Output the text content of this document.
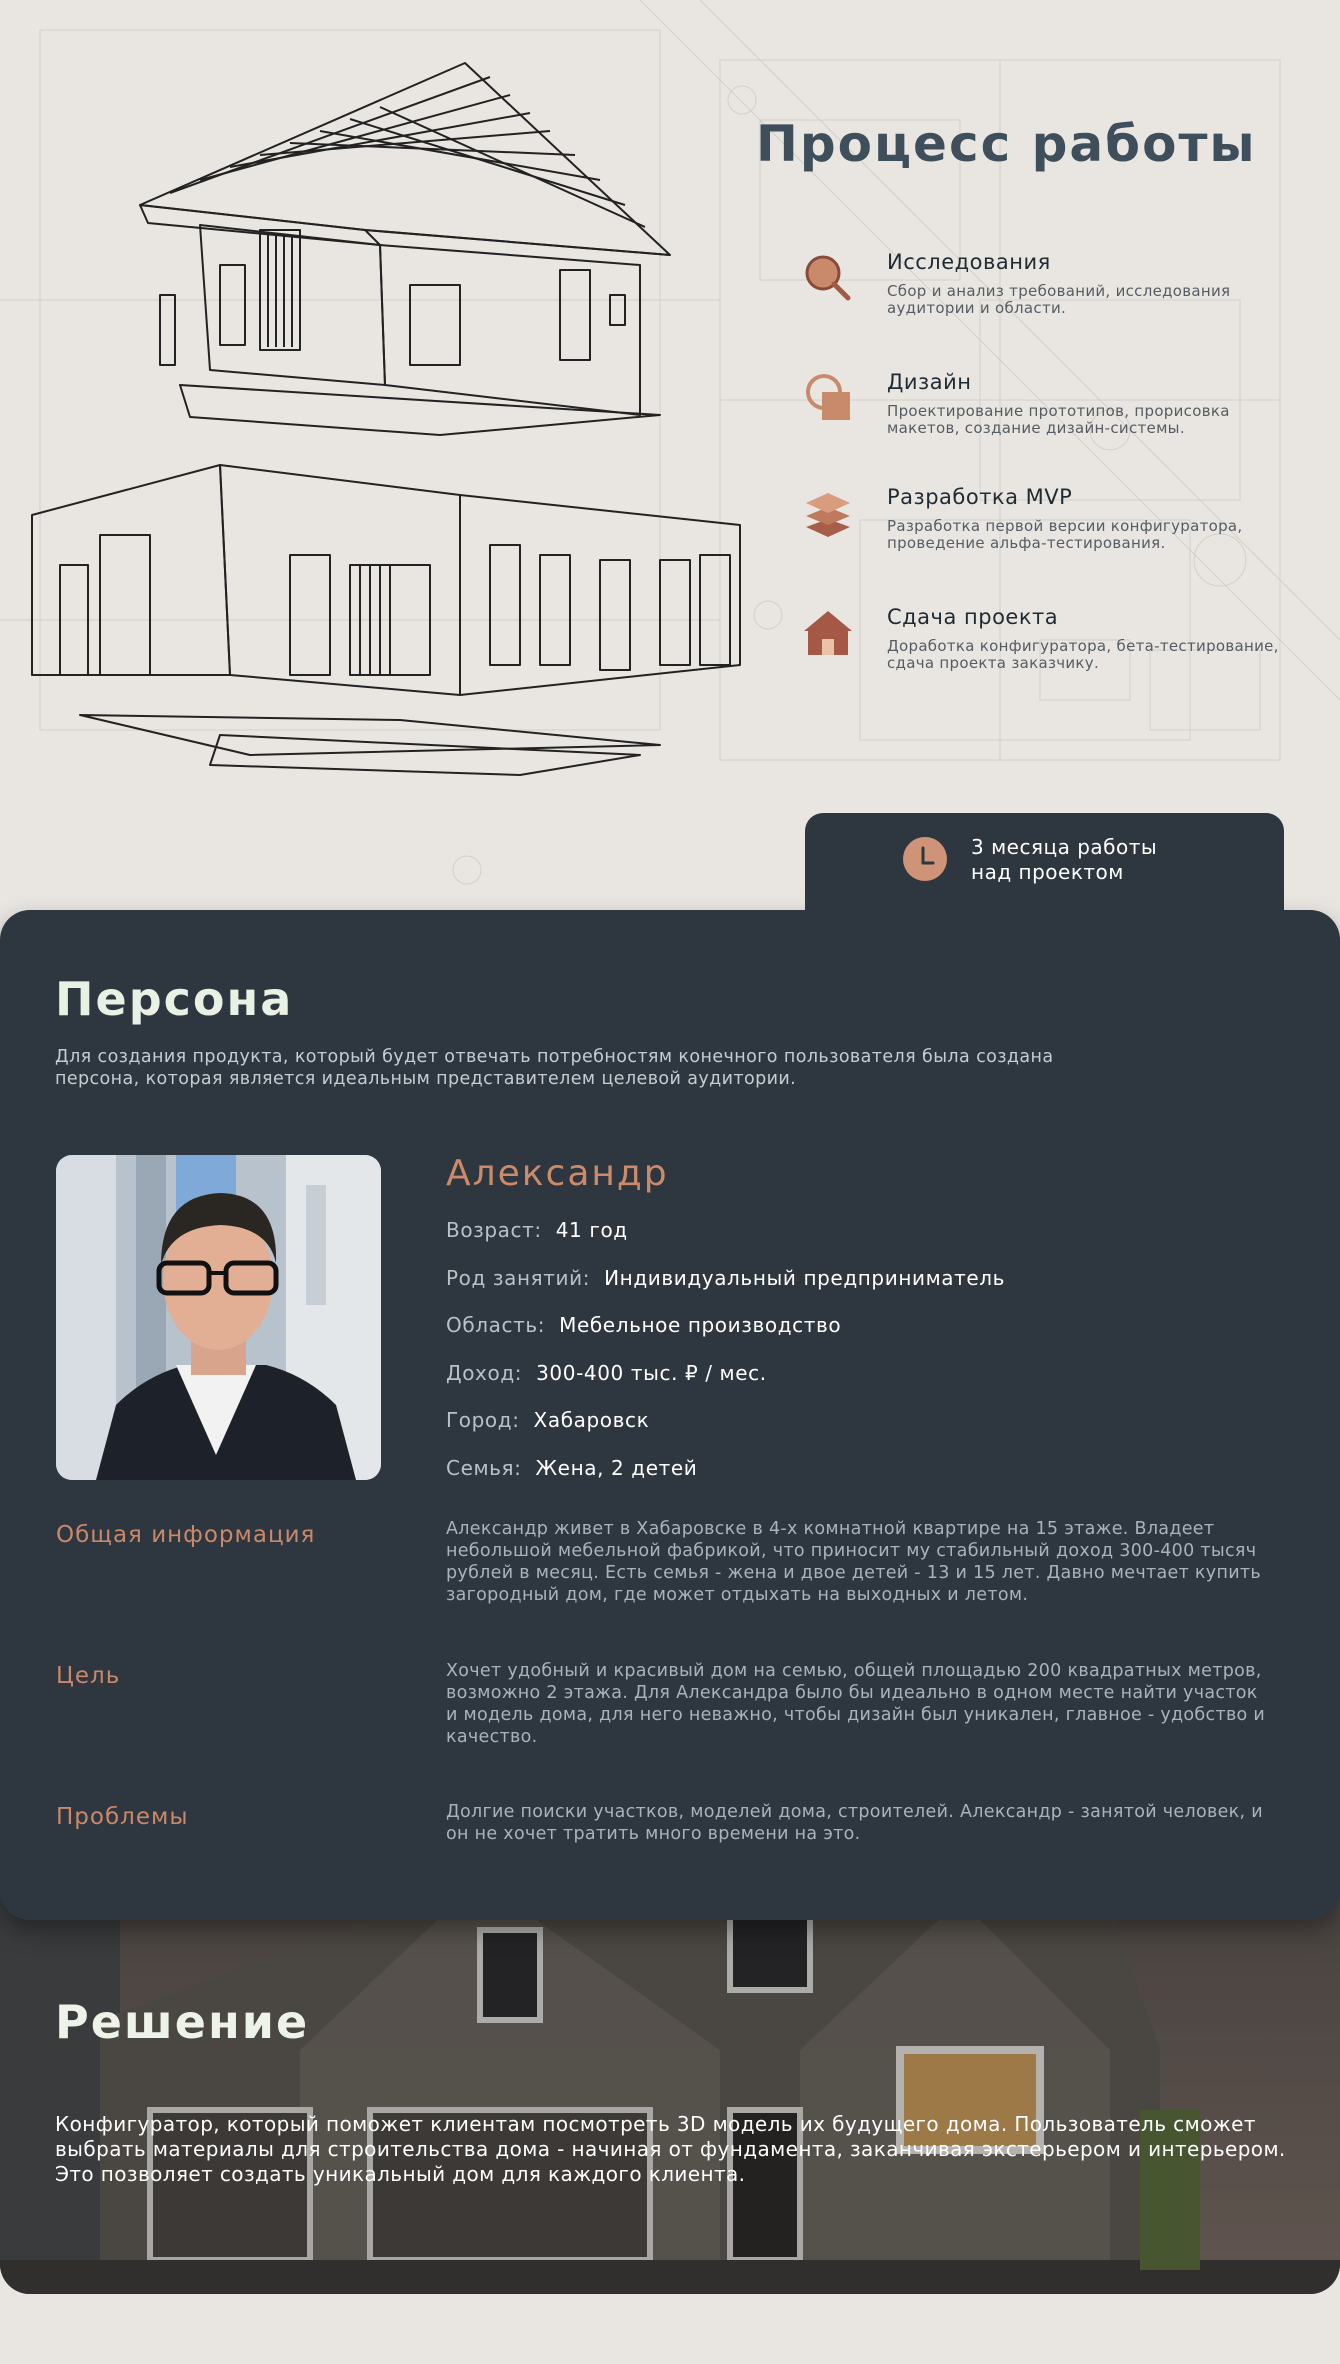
Процесс работы
Исследования
Сбор и анализ требований, исследования аудитории и области.
Дизайн
Проектирование прототипов, прорисовка макетов, создание дизайн-системы.
Разработка MVP
Разработка первой версии конфигуратора, проведение альфа-тестирования.
Сдача проекта
Доработка конфигуратора, бета-тестирование, сдача проекта заказчику.
3 месяца работы над проектом
Персона
Для создания продукта, который будет отвечать потребностям конечного пользователя была создана персона, которая является идеальным представителем целевой аудитории.
Александр
Возраст: 41 год
Род занятий: Индивидуальный предприниматель
Область: Мебельное производство
Доход: 300-400 тыс. ₽ / мес.
Город: Хабаровск
Семья: Жена, 2 детей
Общая информация	Александр живет в Хабаровске в 4-х комнатной квартире на 15 этаже. Владеет небольшой мебельной фабрикой, что приносит му стабильный доход 300-400 тысяч рублей в месяц. Есть семья - жена и двое детей - 13 и 15 лет. Давно мечтает купить загородный дом, где может отдыхать на выходных и летом.
Цель	Хочет удобный и красивый дом на семью, общей площадью 200 квадратных метров, возможно 2 этажа. Для Александра было бы идеально в одном месте найти участок и модель дома, для него неважно, чтобы дизайн был уникален, главное - удобство и качество.
Проблемы	Долгие поиски участков, моделей дома, строителей. Александр - занятой человек, и он не хочет тратить много времени на это.
Решение
Конфигуратор, который поможет клиентам посмотреть 3D модель их будущего дома. Пользователь сможет выбрать материалы для строительства дома - начиная от фундамента, заканчивая экстерьером и интерьером. Это позволяет создать уникальный дом для каждого клиента.
